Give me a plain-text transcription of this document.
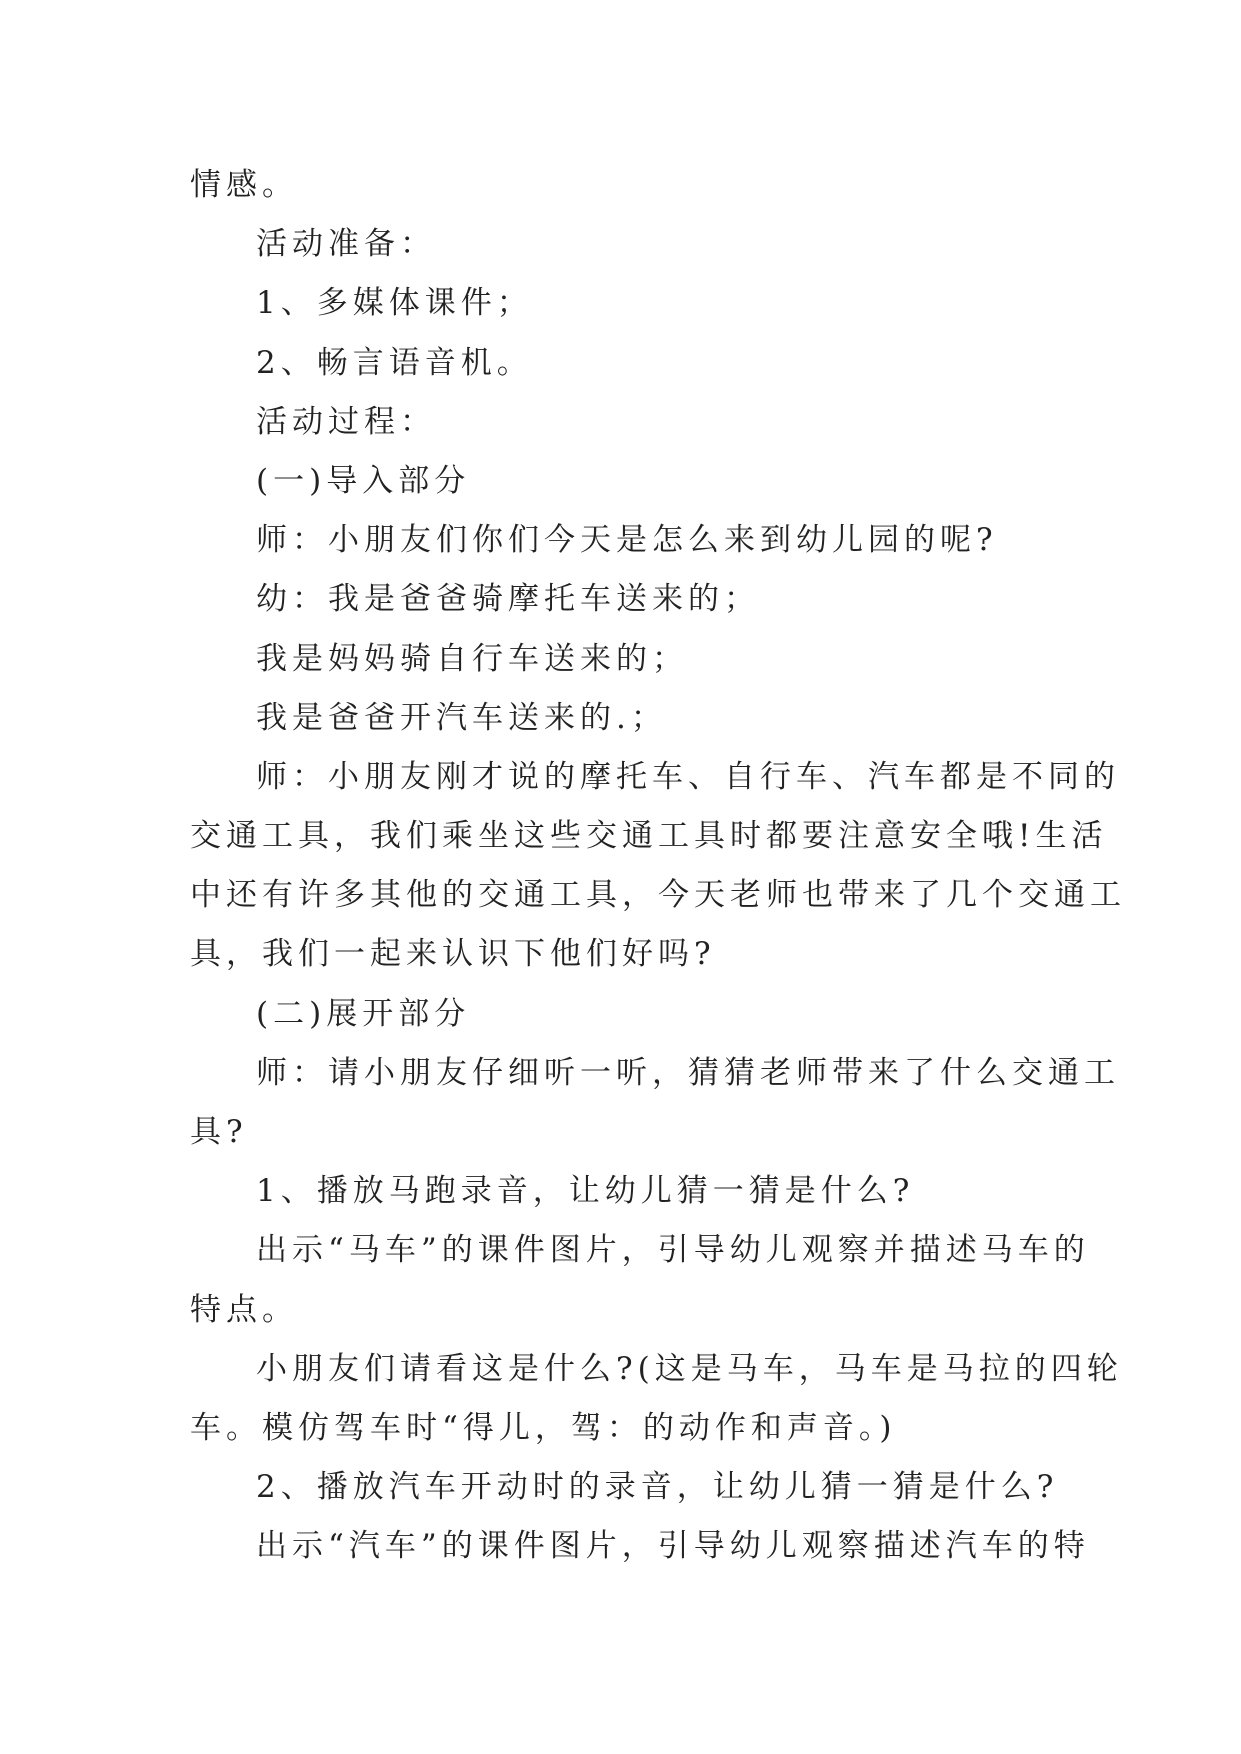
情感。
活动准备：
1、多媒体课件；
2、畅言语音机。
活动过程：
(一)导入部分
师：小朋友们你们今天是怎么来到幼儿园的呢?
幼：我是爸爸骑摩托车送来的；
我是妈妈骑自行车送来的；
我是爸爸开汽车送来的.；
师：小朋友刚才说的摩托车、自行车、汽车都是不同的
交通工具，我们乘坐这些交通工具时都要注意安全哦!生活
中还有许多其他的交通工具，今天老师也带来了几个交通工
具，我们一起来认识下他们好吗?
(二)展开部分
师：请小朋友仔细听一听，猜猜老师带来了什么交通工
具?
1、播放马跑录音，让幼儿猜一猜是什么?
出示“马车”的课件图片，引导幼儿观察并描述马车的
特点。
小朋友们请看这是什么?(这是马车，马车是马拉的四轮
车。模仿驾车时“得儿，驾：的动作和声音。)
2、播放汽车开动时的录音，让幼儿猜一猜是什么?
出示“汽车”的课件图片，引导幼儿观察描述汽车的特
